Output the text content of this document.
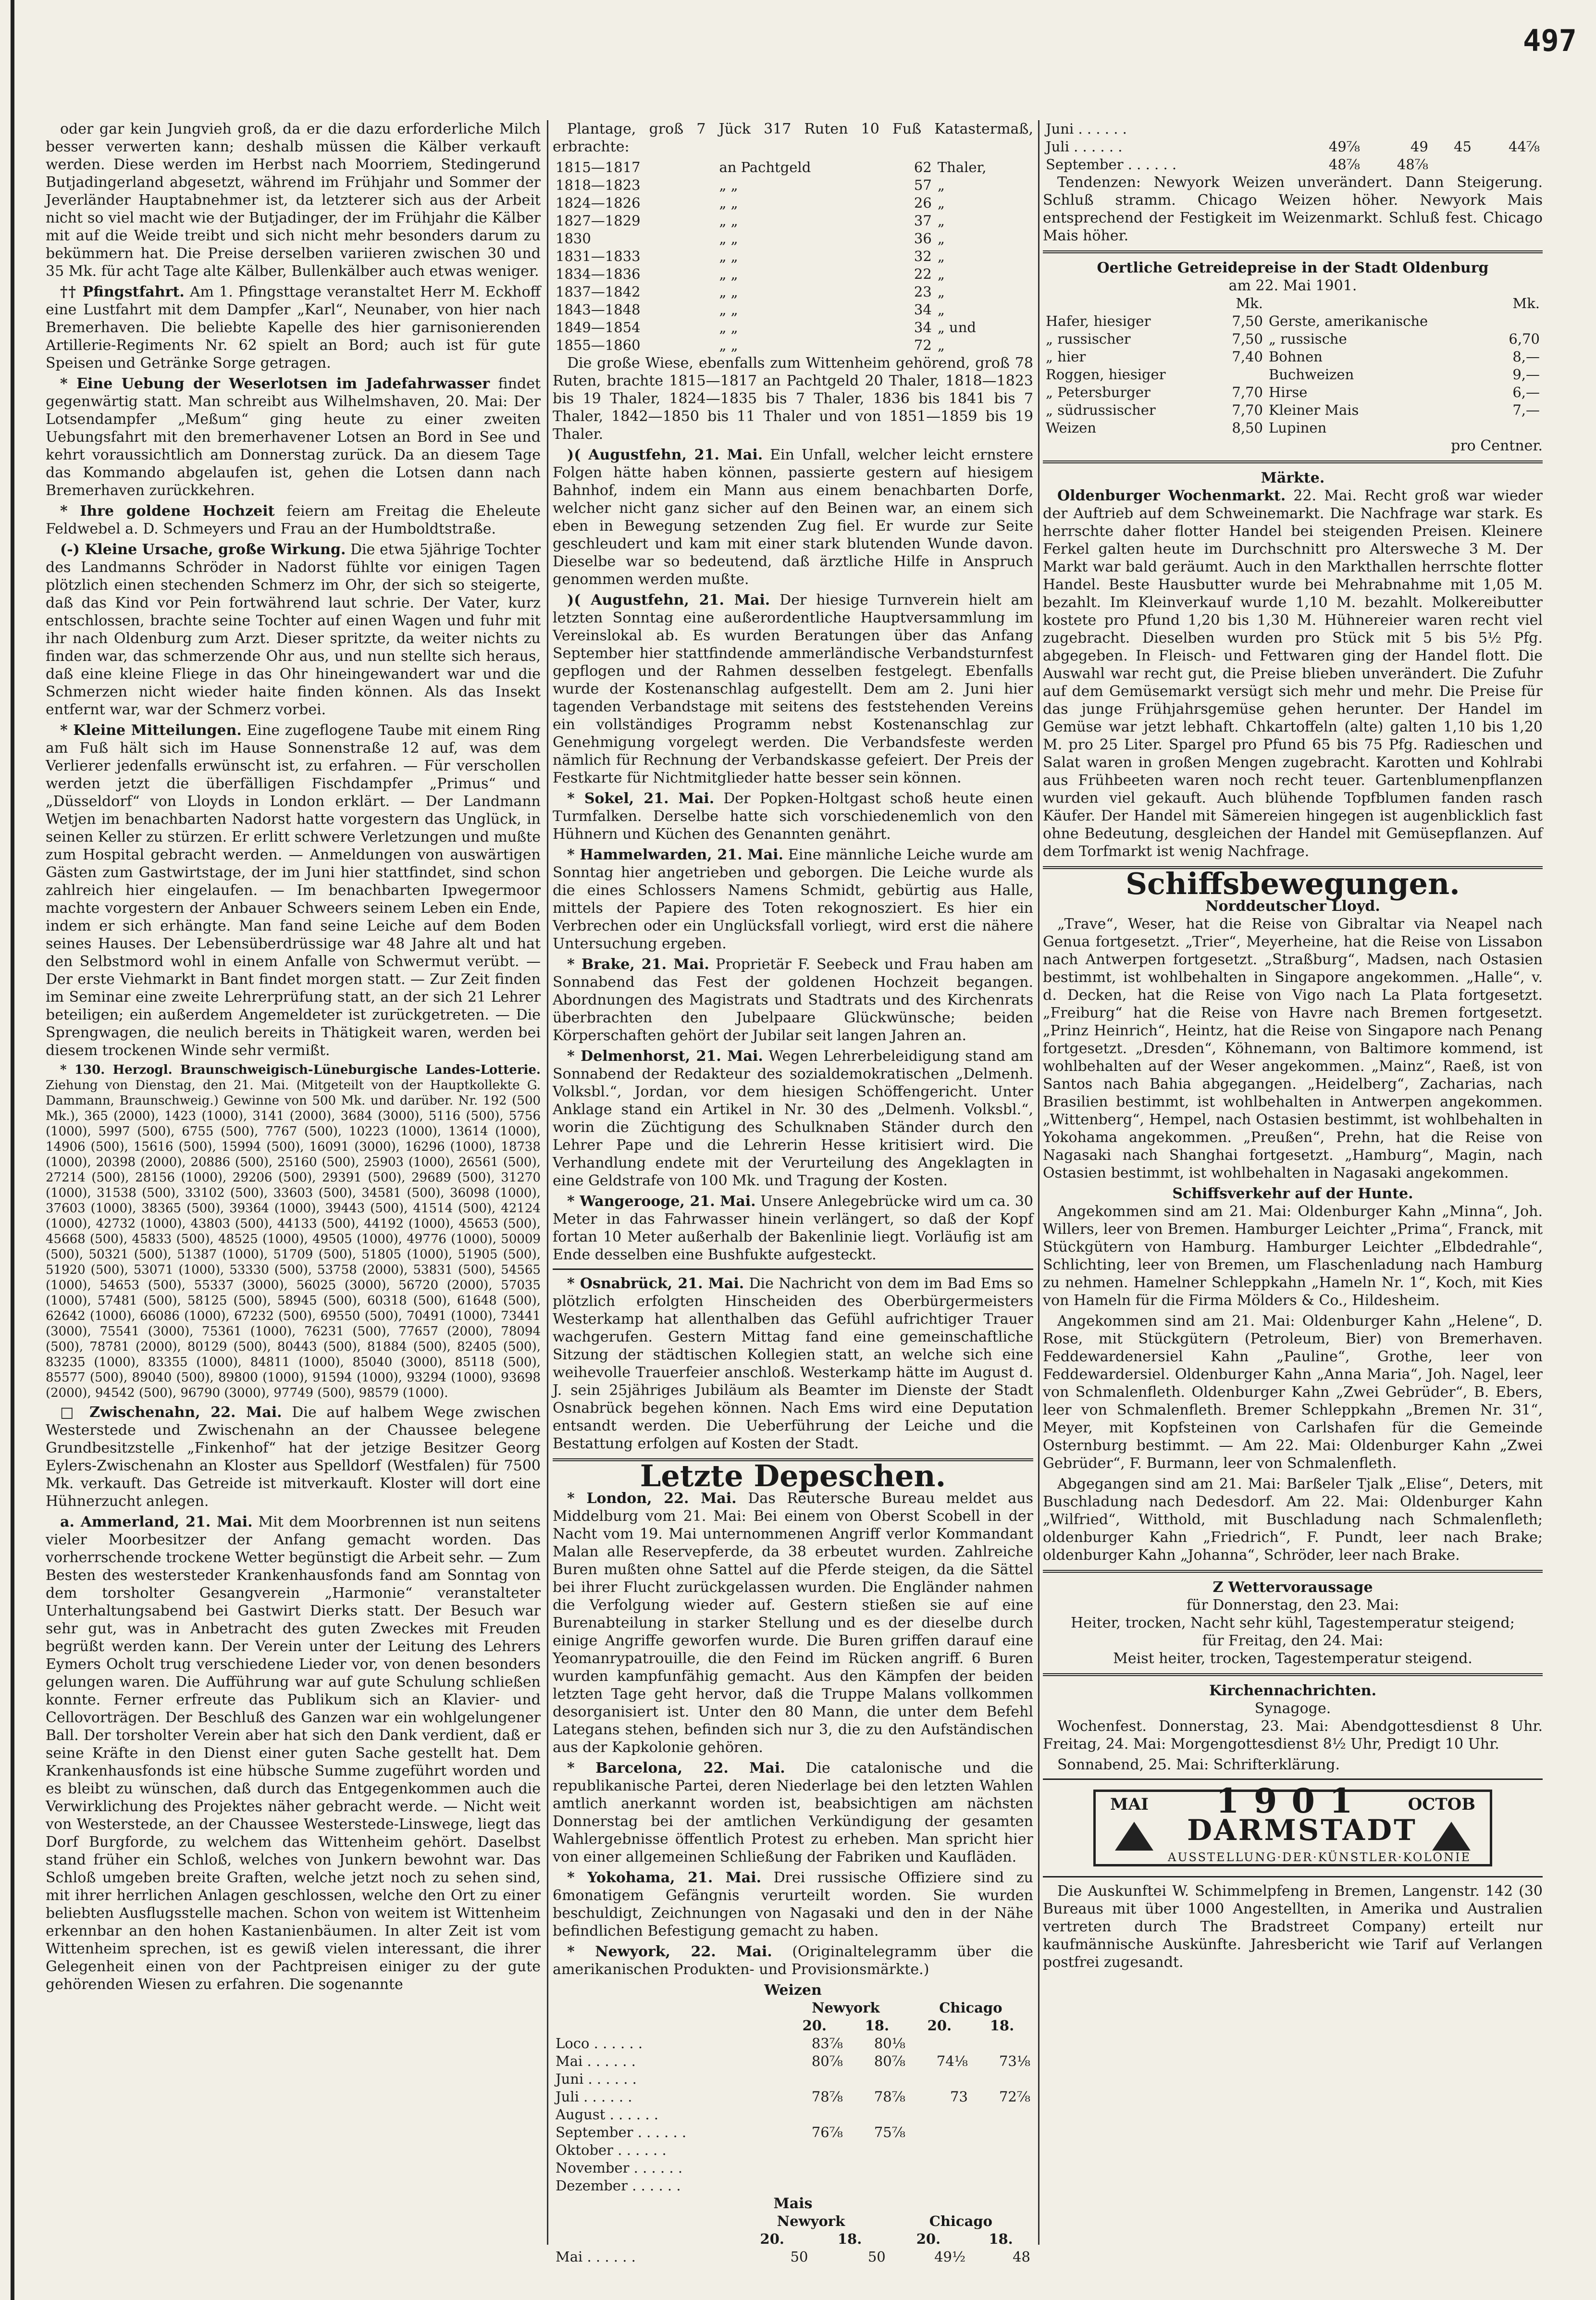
497

oder gar kein Jungvieh groß, da er die dazu erforderliche Milch besser verwerten kann; deshalb müssen die Kälber verkauft werden. Diese werden im Herbst nach Moorriem, Stedingerund Butjadingerland abgesetzt, während im Frühjahr und Sommer der Jeverländer Hauptabnehmer ist, da letzterer sich aus der Arbeit nicht so viel macht wie der Butjadinger, der im Frühjahr die Kälber mit auf die Weide treibt und sich nicht mehr besonders darum zu bekümmern hat. Die Preise derselben variieren zwischen 30 und 35 Mk. für acht Tage alte Kälber, Bullenkälber auch etwas weniger.

†† Pfingstfahrt. Am 1. Pfingsttage veranstaltet Herr M. Eckhoff eine Lustfahrt mit dem Dampfer „Karl“, Neunaber, von hier nach Bremerhaven. Die beliebte Kapelle des hier garnisonierenden Artillerie-Regiments Nr. 62 spielt an Bord; auch ist für gute Speisen und Getränke Sorge getragen.

* Eine Uebung der Weserlotsen im Jadefahrwasser findet gegenwärtig statt. Man schreibt aus Wilhelmshaven, 20. Mai: Der Lotsendampfer „Meßum“ ging heute zu einer zweiten Uebungsfahrt mit den bremerhavener Lotsen an Bord in See und kehrt voraussichtlich am Donnerstag zurück. Da an diesem Tage das Kommando abgelaufen ist, gehen die Lotsen dann nach Bremerhaven zurückkehren.

* Ihre goldene Hochzeit feiern am Freitag die Eheleute Feldwebel a. D. Schmeyers und Frau an der Humboldtstraße.

(-) Kleine Ursache, große Wirkung. Die etwa 5jährige Tochter des Landmanns Schröder in Nadorst fühlte vor einigen Tagen plötzlich einen stechenden Schmerz im Ohr, der sich so steigerte, daß das Kind vor Pein fortwährend laut schrie. Der Vater, kurz entschlossen, brachte seine Tochter auf einen Wagen und fuhr mit ihr nach Oldenburg zum Arzt. Dieser spritzte, da weiter nichts zu finden war, das schmerzende Ohr aus, und nun stellte sich heraus, daß eine kleine Fliege in das Ohr hineingewandert war und die Schmerzen nicht wieder haite finden können. Als das Insekt entfernt war, war der Schmerz vorbei.

* Kleine Mitteilungen. Eine zugeflogene Taube mit einem Ring am Fuß hält sich im Hause Sonnenstraße 12 auf, was dem Verlierer jedenfalls erwünscht ist, zu erfahren. — Für verschollen werden jetzt die überfälligen Fischdampfer „Primus“ und „Düsseldorf“ von Lloyds in London erklärt. — Der Landmann Wetjen im benachbarten Nadorst hatte vorgestern das Unglück, in seinen Keller zu stürzen. Er erlitt schwere Verletzungen und mußte zum Hospital gebracht werden. — Anmeldungen von auswärtigen Gästen zum Gastwirtstage, der im Juni hier stattfindet, sind schon zahlreich hier eingelaufen. — Im benachbarten Ipwegermoor machte vorgestern der Anbauer Schweers seinem Leben ein Ende, indem er sich erhängte. Man fand seine Leiche auf dem Boden seines Hauses. Der Lebensüberdrüssige war 48 Jahre alt und hat den Selbstmord wohl in einem Anfalle von Schwermut verübt. — Der erste Viehmarkt in Bant findet morgen statt. — Zur Zeit finden im Seminar eine zweite Lehrerprüfung statt, an der sich 21 Lehrer beteiligen; ein außerdem Angemeldeter ist zurückgetreten. — Die Sprengwagen, die neulich bereits in Thätigkeit waren, werden bei diesem trockenen Winde sehr vermißt.

* 130. Herzogl. Braunschweigisch-Lüneburgische Landes-Lotterie. Ziehung von Dienstag, den 21. Mai. (Mitgeteilt von der Hauptkollekte G. Dammann, Braunschweig.) Gewinne von 500 Mk. und darüber. Nr. 192 (500 Mk.), 365 (2000), 1423 (1000), 3141 (2000), 3684 (3000), 5116 (500), 5756 (1000), 5997 (500), 6755 (500), 7767 (500), 10223 (1000), 13614 (1000), 14906 (500), 15616 (500), 15994 (500), 16091 (3000), 16296 (1000), 18738 (1000), 20398 (2000), 20886 (500), 25160 (500), 25903 (1000), 26561 (500), 27214 (500), 28156 (1000), 29206 (500), 29391 (500), 29689 (500), 31270 (1000), 31538 (500), 33102 (500), 33603 (500), 34581 (500), 36098 (1000), 37603 (1000), 38365 (500), 39364 (1000), 39443 (500), 41514 (500), 42124 (1000), 42732 (1000), 43803 (500), 44133 (500), 44192 (1000), 45653 (500), 45668 (500), 45833 (500), 48525 (1000), 49505 (1000), 49776 (1000), 50009 (500), 50321 (500), 51387 (1000), 51709 (500), 51805 (1000), 51905 (500), 51920 (500), 53071 (1000), 53330 (500), 53758 (2000), 53831 (500), 54565 (1000), 54653 (500), 55337 (3000), 56025 (3000), 56720 (2000), 57035 (1000), 57481 (500), 58125 (500), 58945 (500), 60318 (500), 61648 (500), 62642 (1000), 66086 (1000), 67232 (500), 69550 (500), 70491 (1000), 73441 (3000), 75541 (3000), 75361 (1000), 76231 (500), 77657 (2000), 78094 (500), 78781 (2000), 80129 (500), 80443 (500), 81884 (500), 82405 (500), 83235 (1000), 83355 (1000), 84811 (1000), 85040 (3000), 85118 (500), 85577 (500), 89040 (500), 89800 (1000), 91594 (1000), 93294 (1000), 93698 (2000), 94542 (500), 96790 (3000), 97749 (500), 98579 (1000).

□ Zwischenahn, 22. Mai. Die auf halbem Wege zwischen Westerstede und Zwischenahn an der Chaussee belegene Grundbesitzstelle „Finkenhof“ hat der jetzige Besitzer Georg Eylers-Zwischenahn an Kloster aus Spelldorf (Westfalen) für 7500 Mk. verkauft. Das Getreide ist mitverkauft. Kloster will dort eine Hühnerzucht anlegen.

a. Ammerland, 21. Mai. Mit dem Moorbrennen ist nun seitens vieler Moorbesitzer der Anfang gemacht worden. Das vorherrschende trockene Wetter begünstigt die Arbeit sehr. — Zum Besten des westersteder Krankenhausfonds fand am Sonntag von dem torsholter Gesangverein „Harmonie“ veranstalteter Unterhaltungsabend bei Gastwirt Dierks statt. Der Besuch war sehr gut, was in Anbetracht des guten Zweckes mit Freuden begrüßt werden kann. Der Verein unter der Leitung des Lehrers Eymers Ocholt trug verschiedene Lieder vor, von denen besonders gelungen waren. Die Aufführung war auf gute Schulung schließen konnte. Ferner erfreute das Publikum sich an Klavier- und Cellovorträgen. Der Beschluß des Ganzen war ein wohlgelungener Ball. Der torsholter Verein aber hat sich den Dank verdient, daß er seine Kräfte in den Dienst einer guten Sache gestellt hat. Dem Krankenhausfonds ist eine hübsche Summe zugeführt worden und es bleibt zu wünschen, daß durch das Entgegenkommen auch die Verwirklichung des Projektes näher gebracht werde. — Nicht weit von Westerstede, an der Chaussee Westerstede-Linswege, liegt das Dorf Burgforde, zu welchem das Wittenheim gehört. Daselbst stand früher ein Schloß, welches von Junkern bewohnt war. Das Schloß umgeben breite Graften, welche jetzt noch zu sehen sind, mit ihrer herrlichen Anlagen geschlossen, welche den Ort zu einer beliebten Ausflugsstelle machen. Schon von weitem ist Wittenheim erkennbar an den hohen Kastanienbäumen. In alter Zeit ist vom Wittenheim sprechen, ist es gewiß vielen interessant, die ihrer Gelegenheit einen von der Pachtpreisen einiger zu der gute gehörenden Wiesen zu erfahren. Die sogenannte

Plantage, groß 7 Jück 317 Ruten 10 Fuß Katastermaß, erbrachte:

1815—1817	an Pachtgeld	62	Thaler,
1818—1823	„ „	57	„
1824—1826	„ „	26	„
1827—1829	„ „	37	„
1830	„ „	36	„
1831—1833	„ „	32	„
1834—1836	„ „	22	„
1837—1842	„ „	23	„
1843—1848	„ „	34	„
1849—1854	„ „	34	„ und
1855—1860	„ „	72	„

Die große Wiese, ebenfalls zum Wittenheim gehörend, groß 78 Ruten, brachte 1815—1817 an Pachtgeld 20 Thaler, 1818—1823 bis 19 Thaler, 1824—1835 bis 7 Thaler, 1836 bis 1841 bis 7 Thaler, 1842—1850 bis 11 Thaler und von 1851—1859 bis 19 Thaler.

)( Augustfehn, 21. Mai. Ein Unfall, welcher leicht ernstere Folgen hätte haben können, passierte gestern auf hiesigem Bahnhof, indem ein Mann aus einem benachbarten Dorfe, welcher nicht ganz sicher auf den Beinen war, an einem sich eben in Bewegung setzenden Zug fiel. Er wurde zur Seite geschleudert und kam mit einer stark blutenden Wunde davon. Dieselbe war so bedeutend, daß ärztliche Hilfe in Anspruch genommen werden mußte.

)( Augustfehn, 21. Mai. Der hiesige Turnverein hielt am letzten Sonntag eine außerordentliche Hauptversammlung im Vereinslokal ab. Es wurden Beratungen über das Anfang September hier stattfindende ammerländische Verbandsturnfest gepflogen und der Rahmen desselben festgelegt. Ebenfalls wurde der Kostenanschlag aufgestellt. Dem am 2. Juni hier tagenden Verbandstage mit seitens des feststehenden Vereins ein vollständiges Programm nebst Kostenanschlag zur Genehmigung vorgelegt werden. Die Verbandsfeste werden nämlich für Rechnung der Verbandskasse gefeiert. Der Preis der Festkarte für Nichtmitglieder hatte besser sein können.

* Sokel, 21. Mai. Der Popken-Holtgast schoß heute einen Turmfalken. Derselbe hatte sich vorschiedenemlich von den Hühnern und Küchen des Genannten genährt.

* Hammelwarden, 21. Mai. Eine männliche Leiche wurde am Sonntag hier angetrieben und geborgen. Die Leiche wurde als die eines Schlossers Namens Schmidt, gebürtig aus Halle, mittels der Papiere des Toten rekognosziert. Es hier ein Verbrechen oder ein Unglücksfall vorliegt, wird erst die nähere Untersuchung ergeben.

* Brake, 21. Mai. Proprietär F. Seebeck und Frau haben am Sonnabend das Fest der goldenen Hochzeit begangen. Abordnungen des Magistrats und Stadtrats und des Kirchenrats überbrachten den Jubelpaare Glückwünsche; beiden Körperschaften gehört der Jubilar seit langen Jahren an.

* Delmenhorst, 21. Mai. Wegen Lehrerbeleidigung stand am Sonnabend der Redakteur des sozialdemokratischen „Delmenh. Volksbl.“, Jordan, vor dem hiesigen Schöffengericht. Unter Anklage stand ein Artikel in Nr. 30 des „Delmenh. Volksbl.“, worin die Züchtigung des Schulknaben Ständer durch den Lehrer Pape und die Lehrerin Hesse kritisiert wird. Die Verhandlung endete mit der Verurteilung des Angeklagten in eine Geldstrafe von 100 Mk. und Tragung der Kosten.

* Wangerooge, 21. Mai. Unsere Anlegebrücke wird um ca. 30 Meter in das Fahrwasser hinein verlängert, so daß der Kopf fortan 10 Meter außerhalb der Bakenlinie liegt. Vorläufig ist am Ende desselben eine Bushfukte aufgesteckt.

* Osnabrück, 21. Mai. Die Nachricht von dem im Bad Ems so plötzlich erfolgten Hinscheiden des Oberbürgermeisters Westerkamp hat allenthalben das Gefühl aufrichtiger Trauer wachgerufen. Gestern Mittag fand eine gemeinschaftliche Sitzung der städtischen Kollegien statt, an welche sich eine weihevolle Trauerfeier anschloß. Westerkamp hätte im August d. J. sein 25jähriges Jubiläum als Beamter im Dienste der Stadt Osnabrück begehen können. Nach Ems wird eine Deputation entsandt werden. Die Ueberführung der Leiche und die Bestattung erfolgen auf Kosten der Stadt.

Letzte Depeschen.

* London, 22. Mai. Das Reutersche Bureau meldet aus Middelburg vom 21. Mai: Bei einem von Oberst Scobell in der Nacht vom 19. Mai unternommenen Angriff verlor Kommandant Malan alle Reservepferde, da 38 erbeutet wurden. Zahlreiche Buren mußten ohne Sattel auf die Pferde steigen, da die Sättel bei ihrer Flucht zurückgelassen wurden. Die Engländer nahmen die Verfolgung wieder auf. Gestern stießen sie auf eine Burenabteilung in starker Stellung und es der dieselbe durch einige Angriffe geworfen wurde. Die Buren griffen darauf eine Yeomanrypatrouille, die den Feind im Rücken angriff. 6 Buren wurden kampfunfähig gemacht. Aus den Kämpfen der beiden letzten Tage geht hervor, daß die Truppe Malans vollkommen desorganisiert ist. Unter den 80 Mann, die unter dem Befehl Lategans stehen, befinden sich nur 3, die zu den Aufständischen aus der Kapkolonie gehören.

* Barcelona, 22. Mai. Die catalonische und die republikanische Partei, deren Niederlage bei den letzten Wahlen amtlich anerkannt worden ist, beabsichtigen am nächsten Donnerstag bei der amtlichen Verkündigung der gesamten Wahlergebnisse öffentlich Protest zu erheben. Man spricht hier von einer allgemeinen Schließung der Fabriken und Kaufläden.

* Yokohama, 21. Mai. Drei russische Offiziere sind zu 6monatigem Gefängnis verurteilt worden. Sie wurden beschuldigt, Zeichnungen von Nagasaki und den in der Nähe befindlichen Befestigung gemacht zu haben.

* Newyork, 22. Mai. (Originaltelegramm über die amerikanischen Produkten- und Provisionsmärkte.)

Weizen
	Newyork		Chicago	
	20.	18.	20.	18.
Loco . . . . . .	83⅞	80⅛		
Mai . . . . . .	80⅞	80⅞	74⅛	73⅛
Juni . . . . . .				
Juli . . . . . .	78⅞	78⅞	73	72⅞
August . . . . . .				
September . . . . . .	76⅞	75⅞		
Oktober . . . . . .				
November . . . . . .				
Dezember . . . . . .				
Mais
	Newyork		Chicago	
	20.	18.	20.	18.
Mai . . . . . .	50	50	49½	48
Juni . . . . . .				
Juli . . . . . .	49⅞	49	45	44⅞
September . . . . . .	48⅞	48⅞		

Tendenzen: Newyork Weizen unverändert. Dann Steigerung. Schluß stramm. Chicago Weizen höher. Newyork Mais entsprechend der Festigkeit im Weizenmarkt. Schluß fest. Chicago Mais höher.

Oertliche Getreidepreise in der Stadt Oldenburg
am 22. Mai 1901.
	Mk.		Mk.
Hafer, hiesiger	7,50	Gerste, amerikanische	
„ russischer	7,50	„ russische	6,70
„ hier	7,40	Bohnen	8,—
Roggen, hiesiger		Buchweizen	9,—
„ Petersburger	7,70	Hirse	6,—
„ südrussischer	7,70	Kleiner Mais	7,—
Weizen	8,50	Lupinen	
pro Centner.
Märkte.

Oldenburger Wochenmarkt. 22. Mai. Recht groß war wieder der Auftrieb auf dem Schweinemarkt. Die Nachfrage war stark. Es herrschte daher flotter Handel bei steigenden Preisen. Kleinere Ferkel galten heute im Durchschnitt pro Altersweche 3 M. Der Markt war bald geräumt. Auch in den Markthallen herrschte flotter Handel. Beste Hausbutter wurde bei Mehrabnahme mit 1,05 M. bezahlt. Im Kleinverkauf wurde 1,10 M. bezahlt. Molkereibutter kostete pro Pfund 1,20 bis 1,30 M. Hühnereier waren recht viel zugebracht. Dieselben wurden pro Stück mit 5 bis 5½ Pfg. abgegeben. In Fleisch- und Fettwaren ging der Handel flott. Die Auswahl war recht gut, die Preise blieben unverändert. Die Zufuhr auf dem Gemüsemarkt versügt sich mehr und mehr. Die Preise für das junge Frühjahrsgemüse gehen herunter. Der Handel im Gemüse war jetzt lebhaft. Chkartoffeln (alte) galten 1,10 bis 1,20 M. pro 25 Liter. Spargel pro Pfund 65 bis 75 Pfg. Radieschen und Salat waren in großen Mengen zugebracht. Karotten und Kohlrabi aus Frühbeeten waren noch recht teuer. Gartenblumenpflanzen wurden viel gekauft. Auch blühende Topfblumen fanden rasch Käufer. Der Handel mit Sämereien hingegen ist augenblicklich fast ohne Bedeutung, desgleichen der Handel mit Gemüsepflanzen. Auf dem Torfmarkt ist wenig Nachfrage.

Schiffsbewegungen.
Norddeutscher Lloyd.

„Trave“, Weser, hat die Reise von Gibraltar via Neapel nach Genua fortgesetzt. „Trier“, Meyerheine, hat die Reise von Lissabon nach Antwerpen fortgesetzt. „Straßburg“, Madsen, nach Ostasien bestimmt, ist wohlbehalten in Singapore angekommen. „Halle“, v. d. Decken, hat die Reise von Vigo nach La Plata fortgesetzt. „Freiburg“ hat die Reise von Havre nach Bremen fortgesetzt. „Prinz Heinrich“, Heintz, hat die Reise von Singapore nach Penang fortgesetzt. „Dresden“, Köhnemann, von Baltimore kommend, ist wohlbehalten auf der Weser angekommen. „Mainz“, Raeß, ist von Santos nach Bahia abgegangen. „Heidelberg“, Zacharias, nach Brasilien bestimmt, ist wohlbehalten in Antwerpen angekommen. „Wittenberg“, Hempel, nach Ostasien bestimmt, ist wohlbehalten in Yokohama angekommen. „Preußen“, Prehn, hat die Reise von Nagasaki nach Shanghai fortgesetzt. „Hamburg“, Magin, nach Ostasien bestimmt, ist wohlbehalten in Nagasaki angekommen.

Schiffsverkehr auf der Hunte.

Angekommen sind am 21. Mai: Oldenburger Kahn „Minna“, Joh. Willers, leer von Bremen. Hamburger Leichter „Prima“, Franck, mit Stückgütern von Hamburg. Hamburger Leichter „Elbdedrahle“, Schlichting, leer von Bremen, um Flaschenladung nach Hamburg zu nehmen. Hamelner Schleppkahn „Hameln Nr. 1“, Koch, mit Kies von Hameln für die Firma Mölders & Co., Hildesheim.

Angekommen sind am 21. Mai: Oldenburger Kahn „Helene“, D. Rose, mit Stückgütern (Petroleum, Bier) von Bremerhaven. Feddewardenersiel Kahn „Pauline“, Grothe, leer von Feddewardersiel. Oldenburger Kahn „Anna Maria“, Joh. Nagel, leer von Schmalenfleth. Oldenburger Kahn „Zwei Gebrüder“, B. Ebers, leer von Schmalenfleth. Bremer Schleppkahn „Bremen Nr. 31“, Meyer, mit Kopfsteinen von Carlshafen für die Gemeinde Osternburg bestimmt. — Am 22. Mai: Oldenburger Kahn „Zwei Gebrüder“, F. Burmann, leer von Schmalenfleth.

Abgegangen sind am 21. Mai: Barßeler Tjalk „Elise“, Deters, mit Buschladung nach Dedesdorf. Am 22. Mai: Oldenburger Kahn „Wilfried“, Witthold, mit Buschladung nach Schmalenfleth; oldenburger Kahn „Friedrich“, F. Pundt, leer nach Brake; oldenburger Kahn „Johanna“, Schröder, leer nach Brake.

Z Wettervoraussage
für Donnerstag, den 23. Mai:
Heiter, trocken, Nacht sehr kühl, Tagestemperatur steigend;
für Freitag, den 24. Mai:
Meist heiter, trocken, Tagestemperatur steigend.
Kirchennachrichten.
Synagoge.

Wochenfest. Donnerstag, 23. Mai: Abendgottesdienst 8 Uhr. Freitag, 24. Mai: Morgengottesdienst 8½ Uhr, Predigt 10 Uhr.

Sonnabend, 25. Mai: Schrifterklärung.

MAI 1901 OCTOB
DARMSTADT
AUSSTELLUNG·DER·KÜNSTLER·KOLONIE

Die Auskunftei W. Schimmelpfeng in Bremen, Langenstr. 142 (30 Bureaus mit über 1000 Angestellten, in Amerika und Australien vertreten durch The Bradstreet Company) erteilt nur kaufmännische Auskünfte. Jahresbericht wie Tarif auf Verlangen postfrei zugesandt.
